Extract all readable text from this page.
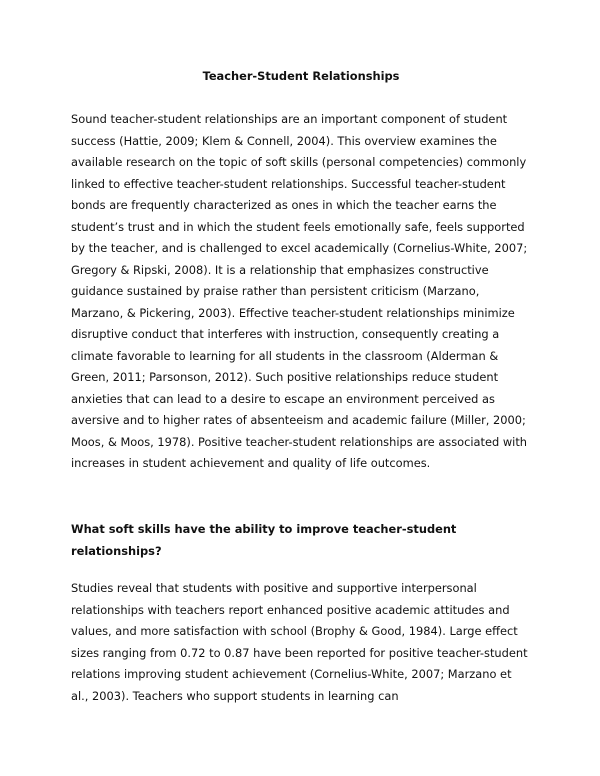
Teacher-Student Relationships

Sound teacher-student relationships are an important component of student success (Hattie, 2009; Klem & Connell, 2004). This overview examines the available research on the topic of soft skills (personal competencies) commonly linked to effective teacher-student relationships. Successful teacher-student bonds are frequently characterized as ones in which the teacher earns the student’s trust and in which the student feels emotionally safe, feels supported by the teacher, and is challenged to excel academically (Cornelius-White, 2007; Gregory & Ripski, 2008). It is a relationship that emphasizes constructive guidance sustained by praise rather than persistent criticism (Marzano, Marzano, & Pickering, 2003). Effective teacher-student relationships minimize disruptive conduct that interferes with instruction, consequently creating a climate favorable to learning for all students in the classroom (Alderman & Green, 2011; Parsonson, 2012). Such positive relationships reduce student anxieties that can lead to a desire to escape an environment perceived as aversive and to higher rates of absenteeism and academic failure (Miller, 2000; Moos, & Moos, 1978). Positive teacher-student relationships are associated with increases in student achievement and quality of life outcomes.

What soft skills have the ability to improve teacher-student relationships?

Studies reveal that students with positive and supportive interpersonal relationships with teachers report enhanced positive academic attitudes and values, and more satisfaction with school (Brophy & Good, 1984). Large effect sizes ranging from 0.72 to 0.87 have been reported for positive teacher-student relations improving student achievement (Cornelius-White, 2007; Marzano et al., 2003). Teachers who support students in learning can
